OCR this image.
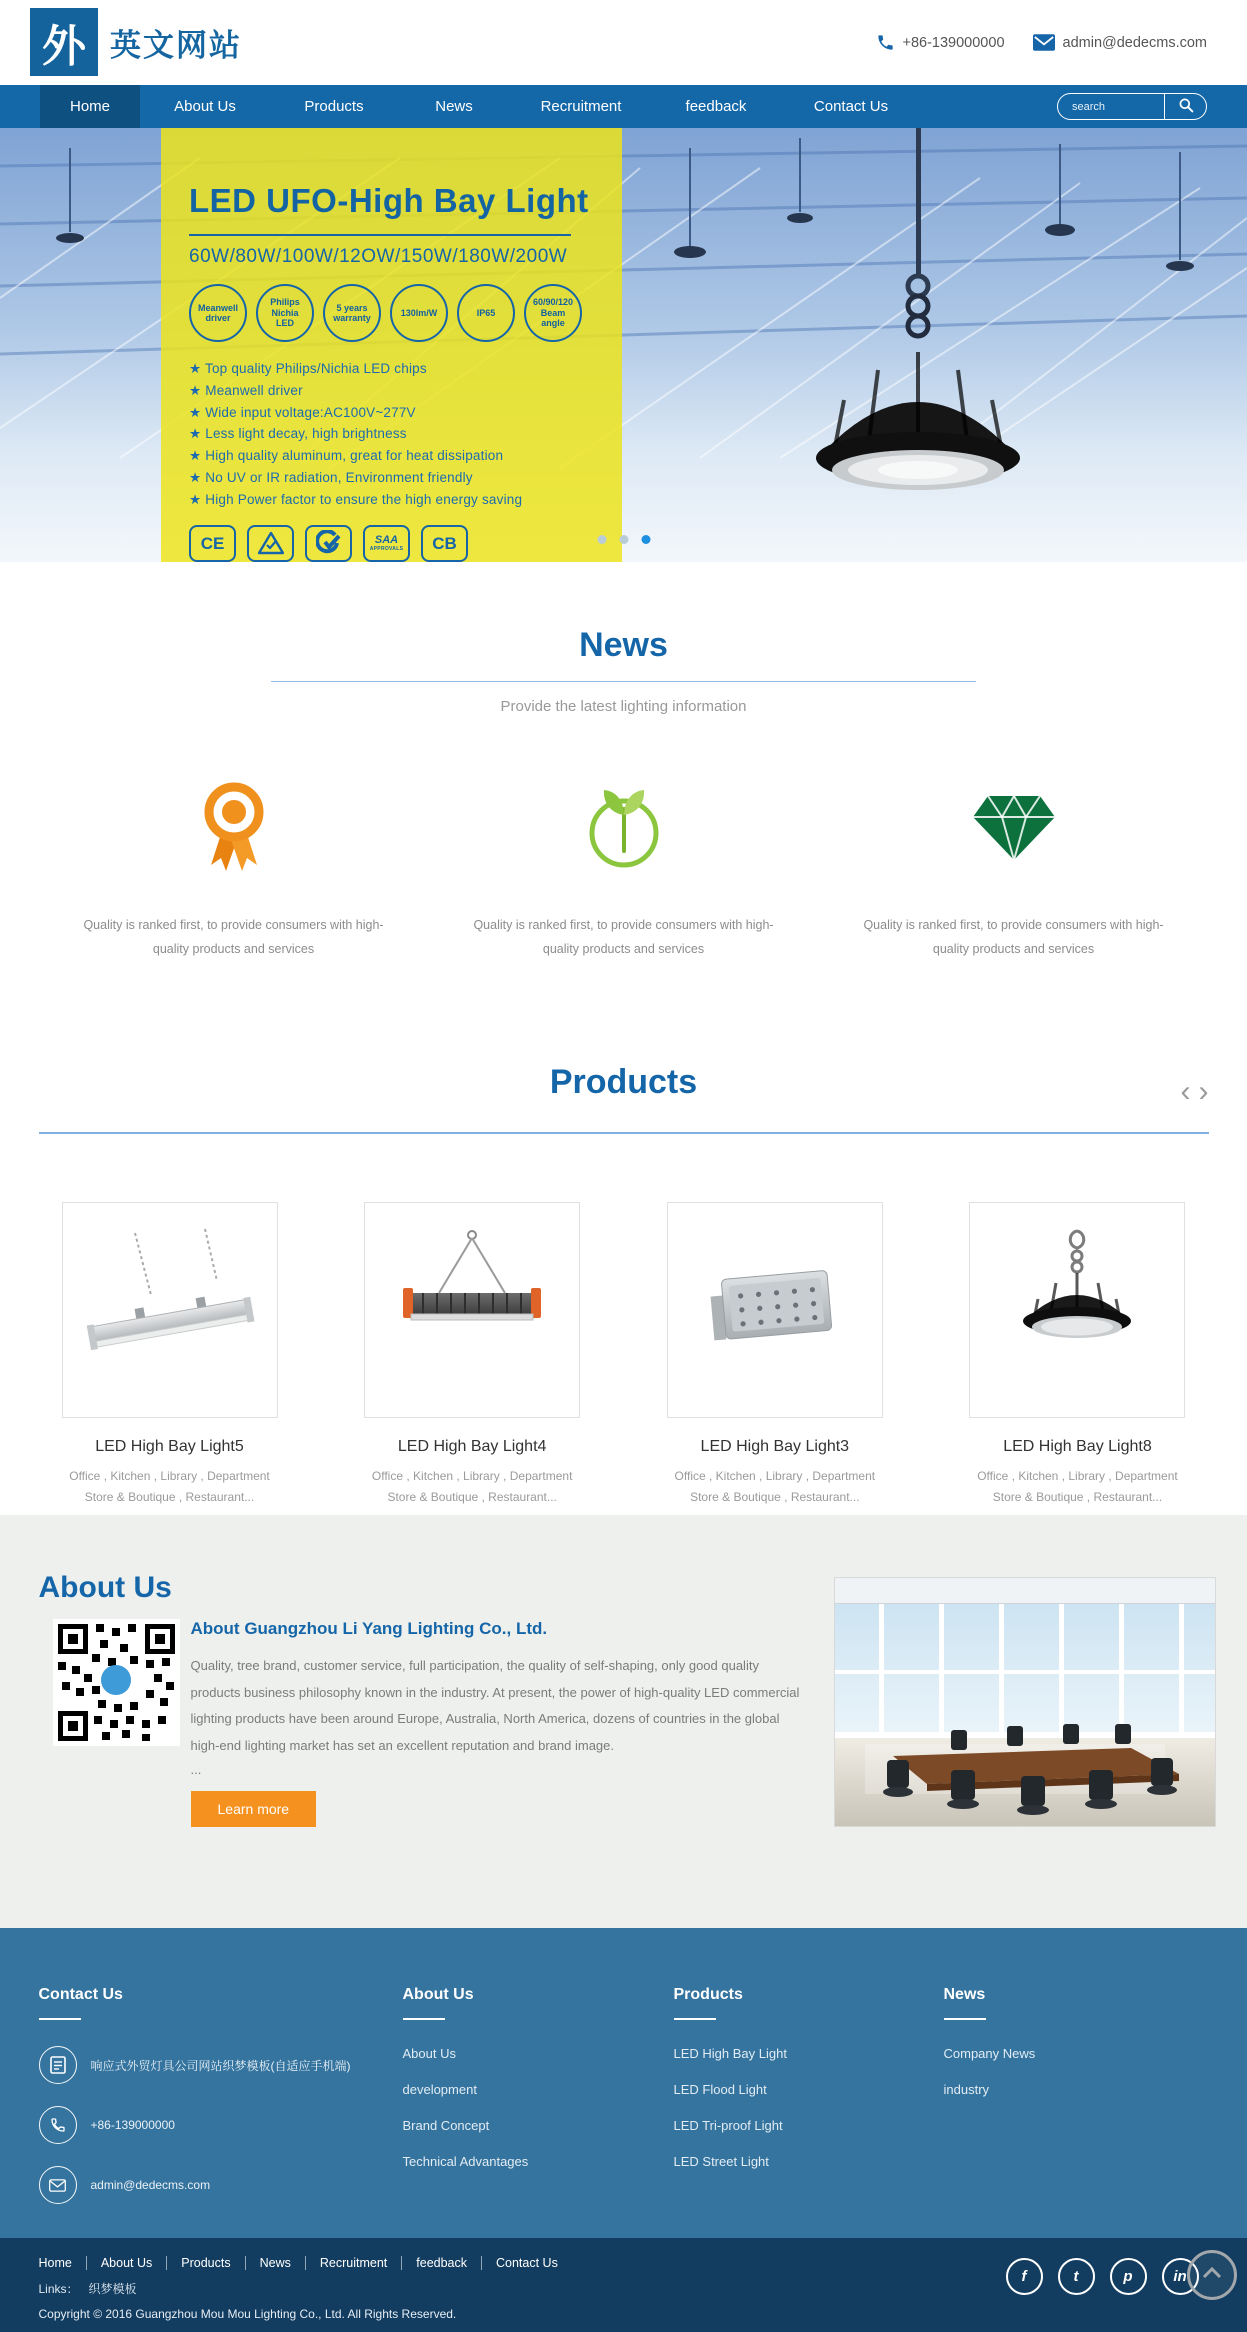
外 英文网站	+86-139000000	admin@dedecms.com
Home	About Us	Products	News	Recruitment	feedback	Contact Us
search
LED UFO-High Bay Light
60W/80W/100W/12OW/150W/180W/200W
Meanwell driver
Philips Nichia LED
5 years warranty
130lm/W	IP65
60/90/120 Beam angle
★ Top quality Philips/Nichia LED chips
★ Meanwell driver
★ Wide input voltage:AC100V~277V
★ Less light decay, high brightness
★ High quality aluminum, great for heat dissipation
★ No UV or IR radiation, Environment friendly
★ High Power factor to ensure the high energy saving
CE	SAA
APPROVALS CB
News
Provide the latest lighting information
Quality is ranked first, to provide consumers with high-quality products and services
Quality is ranked first, to provide consumers with high-quality products and services
Quality is ranked first, to provide consumers with high-quality products and services
Products	‹ ›
LED High Bay Light5
Office , Kitchen , Library , Department Store & Boutique , Restaurant...
LED High Bay Light4
Office , Kitchen , Library , Department Store & Boutique , Restaurant...
LED High Bay Light3
Office , Kitchen , Library , Department Store & Boutique , Restaurant...
LED High Bay Light8
Office , Kitchen , Library , Department Store & Boutique , Restaurant...
About Us
About Guangzhou Li Yang Lighting Co., Ltd.

Quality, tree brand, customer service, full participation, the quality of self-shaping, only good quality products business philosophy known in the industry. At present, the power of high-quality LED commercial lighting products have been around Europe, Australia, North America, dozens of countries in the global high-end lighting market has set an excellent reputation and brand image.

...
Learn more
Contact Us
响应式外贸灯具公司网站织梦模板(自适应手机端)
+86-139000000
admin@dedecms.com
About Us
About Us
development
Brand Concept
Technical Advantages
Products
LED High Bay Light
LED Flood Light
LED Tri-proof Light
LED Street Light
News
Company News
industry
Home	About Us	Products	News	Recruitment	feedback	Contact Us
Links： 织梦模板
Copyright © 2016 Guangzhou Mou Mou Lighting Co., Ltd. All Rights Reserved.
f	t	p	in
